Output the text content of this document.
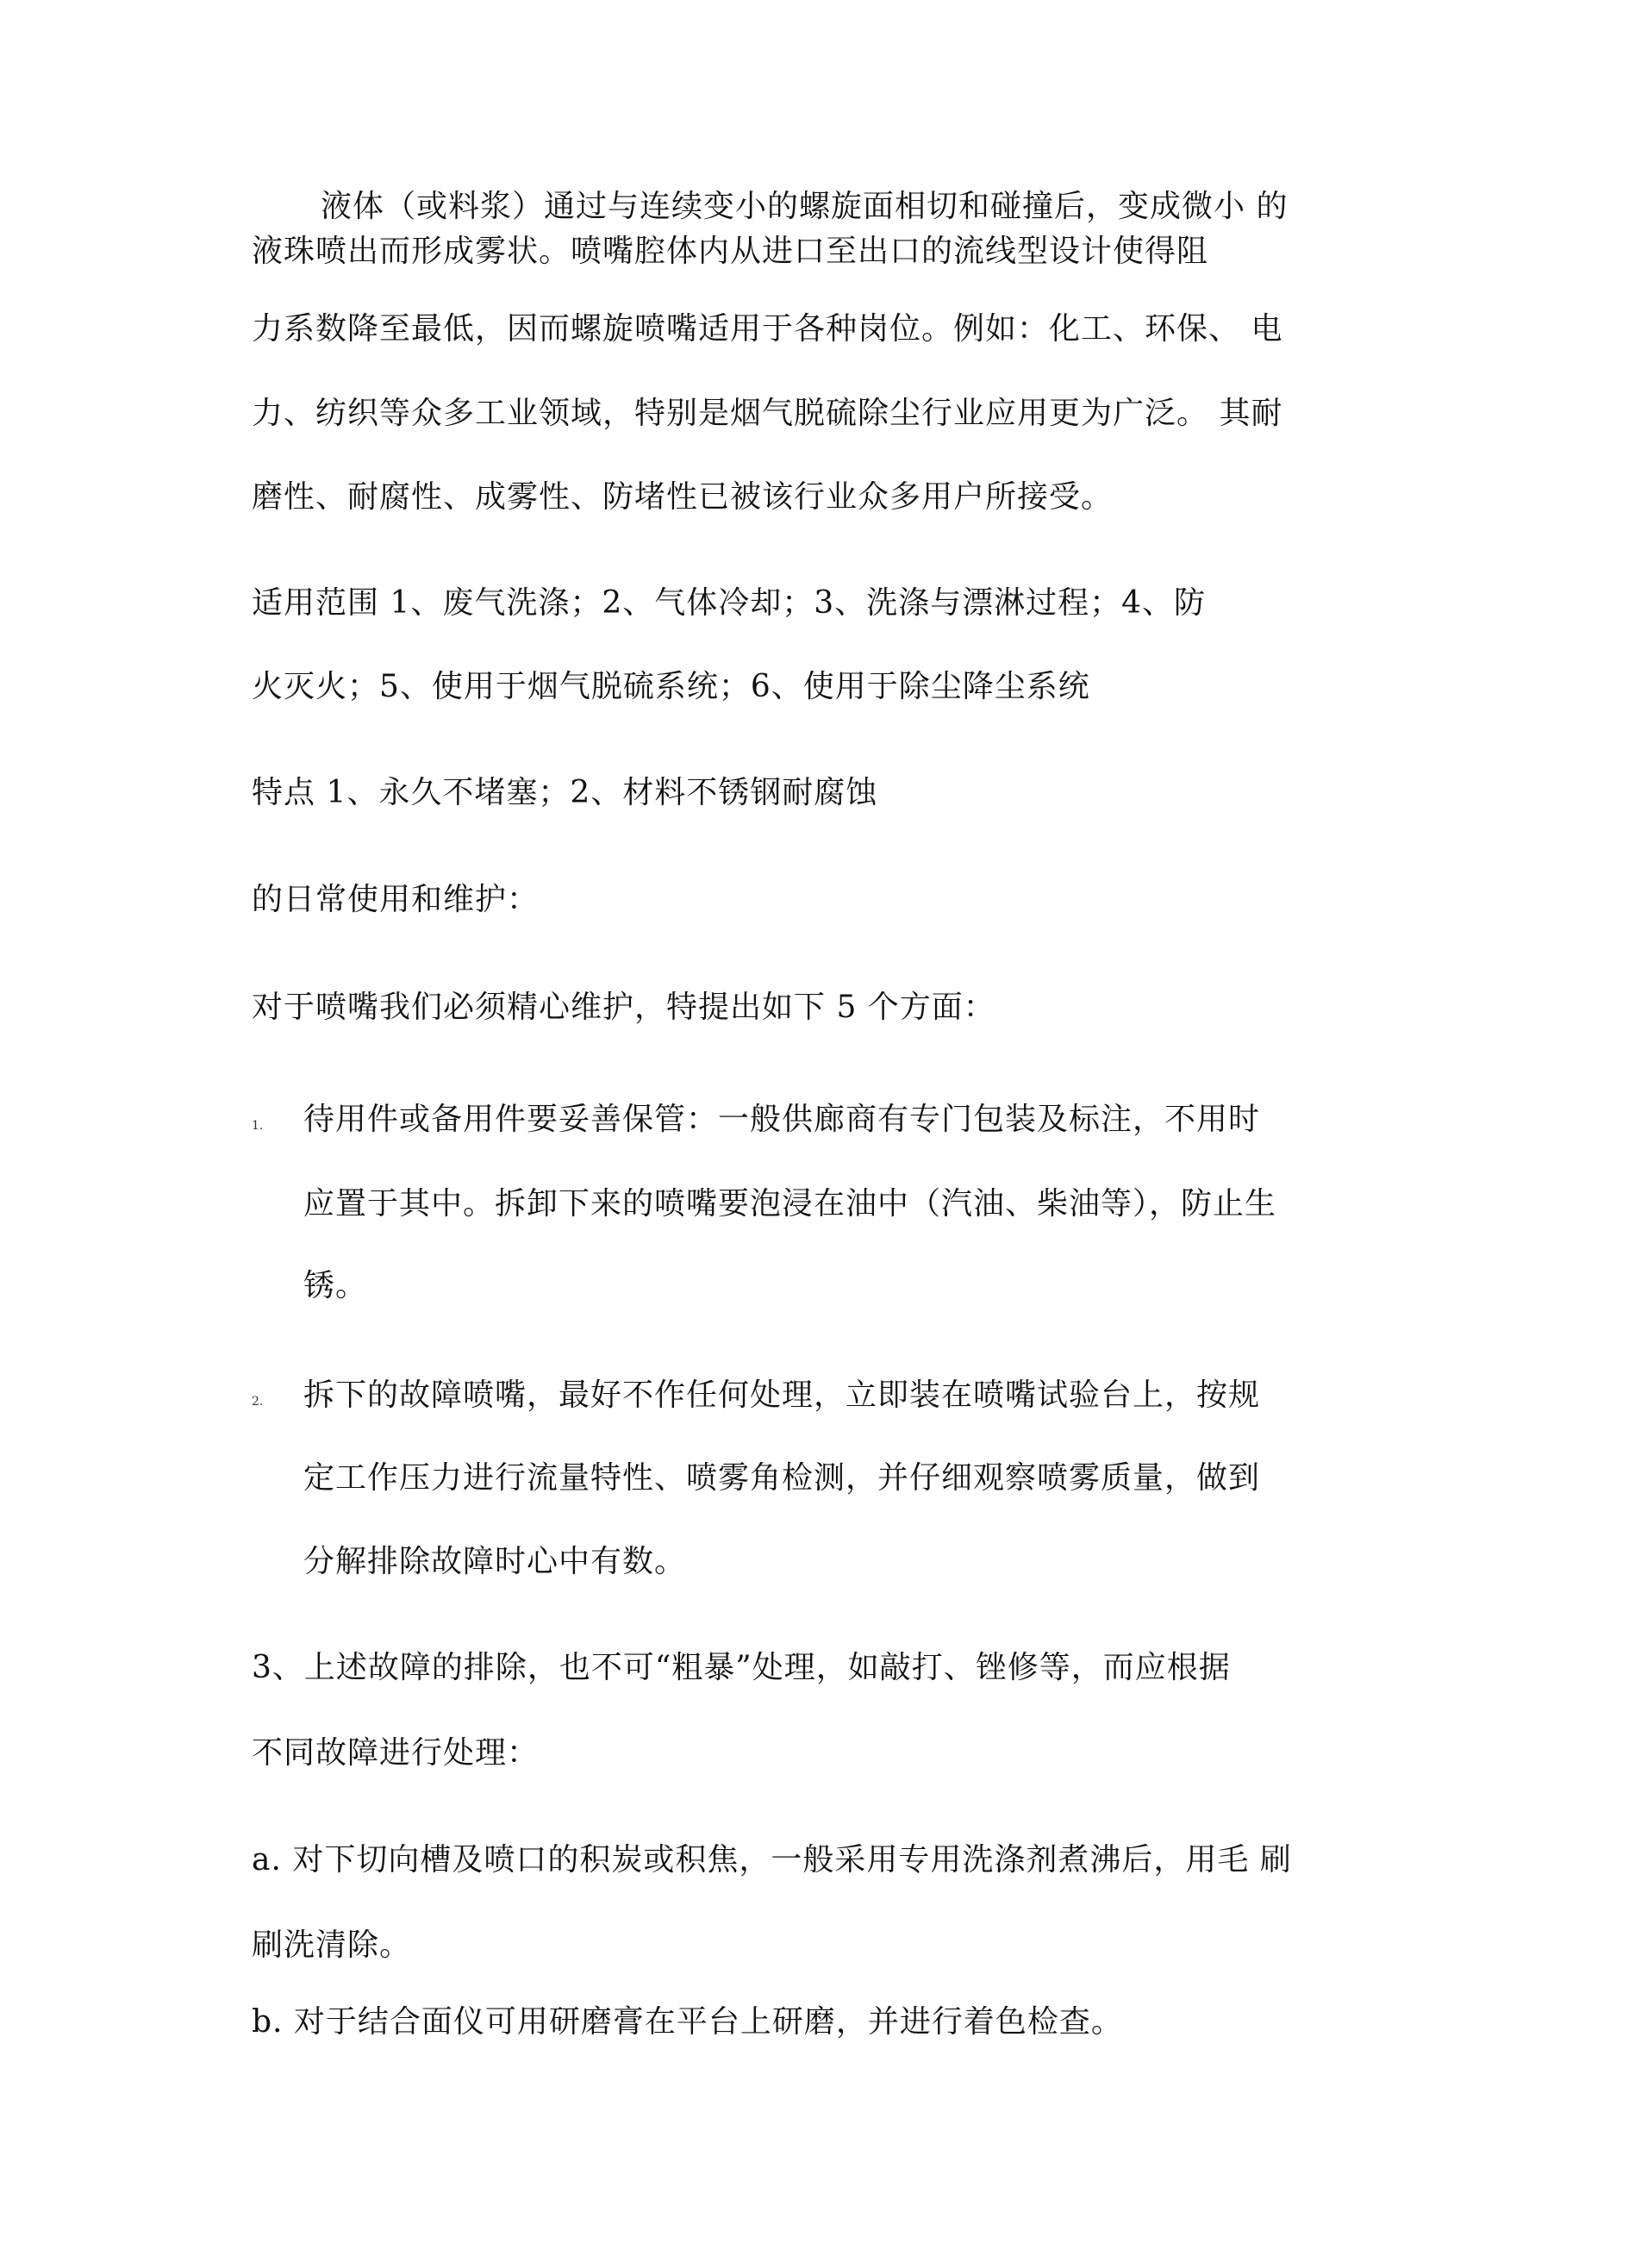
液体（或料浆）通过与连续变小的螺旋面相切和碰撞后，变成微小 的
液珠喷出而形成雾状。喷嘴腔体内从进口至出口的流线型设计使得阻
力系数降至最低，因而螺旋喷嘴适用于各种岗位。例如：化工、环保、 电
力、纺织等众多工业领域，特别是烟气脱硫除尘行业应用更为广泛。 其耐
磨性、耐腐性、成雾性、防堵性已被该行业众多用户所接受。
适用范围 1、废气洗涤；2、气体冷却；3、洗涤与漂淋过程；4、防
火灭火；5、使用于烟气脱硫系统；6、使用于除尘降尘系统
特点 1、永久不堵塞；2、材料不锈钢耐腐蚀
的日常使用和维护：
对于喷嘴我们必须精心维护，特提出如下 5 个方面：
1. 待用件或备用件要妥善保管：一般供廊商有专门包装及标注，不用时
应置于其中。拆卸下来的喷嘴要泡浸在油中（汽油、柴油等），防止生
锈。
2. 拆下的故障喷嘴，最好不作任何处理，立即装在喷嘴试验台上，按规
定工作压力进行流量特性、喷雾角检测，并仔细观察喷雾质量，做到
分解排除故障时心中有数。
3、上述故障的排除，也不可“粗暴”处理，如敲打、锉修等，而应根据
不同故障进行处理：
a. 对下切向槽及喷口的积炭或积焦，一般采用专用洗涤剂煮沸后，用毛 刷
刷洗清除。
b. 对于结合面仪可用研磨膏在平台上研磨，并进行着色检查。
